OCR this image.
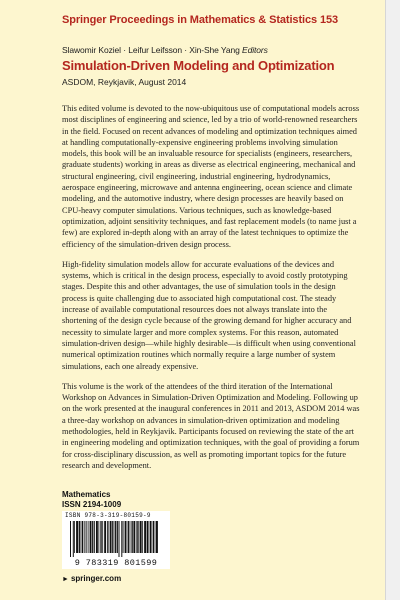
Springer Proceedings in Mathematics & Statistics 153
Slawomir Koziel · Leifur Leifsson · Xin-She Yang Editors
Simulation-Driven Modeling and Optimization
ASDOM, Reykjavik, August 2014

This edited volume is devoted to the now-ubiquitous use of computational models across most disciplines of engineering and science, led by a trio of world-renowned researchers in the field. Focused on recent advances of modeling and optimization techniques aimed at handling computationally-expensive engineering problems involving simulation models, this book will be an invaluable resource for specialists (engineers, researchers, graduate students) working in areas as diverse as electrical engineering, mechanical and structural engineering, civil engineering, industrial engineering, hydrodynamics, aerospace engineering, microwave and antenna engineering, ocean science and climate modeling, and the automotive industry, where design processes are heavily based on CPU-heavy computer simulations. Various techniques, such as knowledge-based optimization, adjoint sensitivity techniques, and fast replacement models (to name just a few) are explored in-depth along with an array of the latest techniques to optimize the efficiency of the simulation-driven design process.

High-fidelity simulation models allow for accurate evaluations of the devices and systems, which is critical in the design process, especially to avoid costly prototyping stages. Despite this and other advantages, the use of simulation tools in the design process is quite challenging due to associated high computational cost. The steady increase of available computational resources does not always translate into the shortening of the design cycle because of the growing demand for higher accuracy and necessity to simulate larger and more complex systems. For this reason, automated simulation-driven design—while highly desirable—is difficult when using conventional numerical optimization routines which normally require a large number of system simulations, each one already expensive.

This volume is the work of the attendees of the third iteration of the International Workshop on Advances in Simulation-Driven Optimization and Modeling. Following up on the work presented at the inaugural conferences in 2011 and 2013, ASDOM 2014 was a three-day workshop on advances in simulation-driven optimization and modeling methodologies, held in Reykjavik. Participants focused on reviewing the state of the art in engineering modeling and optimization techniques, with the goal of providing a forum for cross-disciplinary discussion, as well as promoting important topics for the future research and development.

Mathematics
ISSN 2194-1009
ISBN 978-3-319-80159-9
9 783319 801599
► springer.com
